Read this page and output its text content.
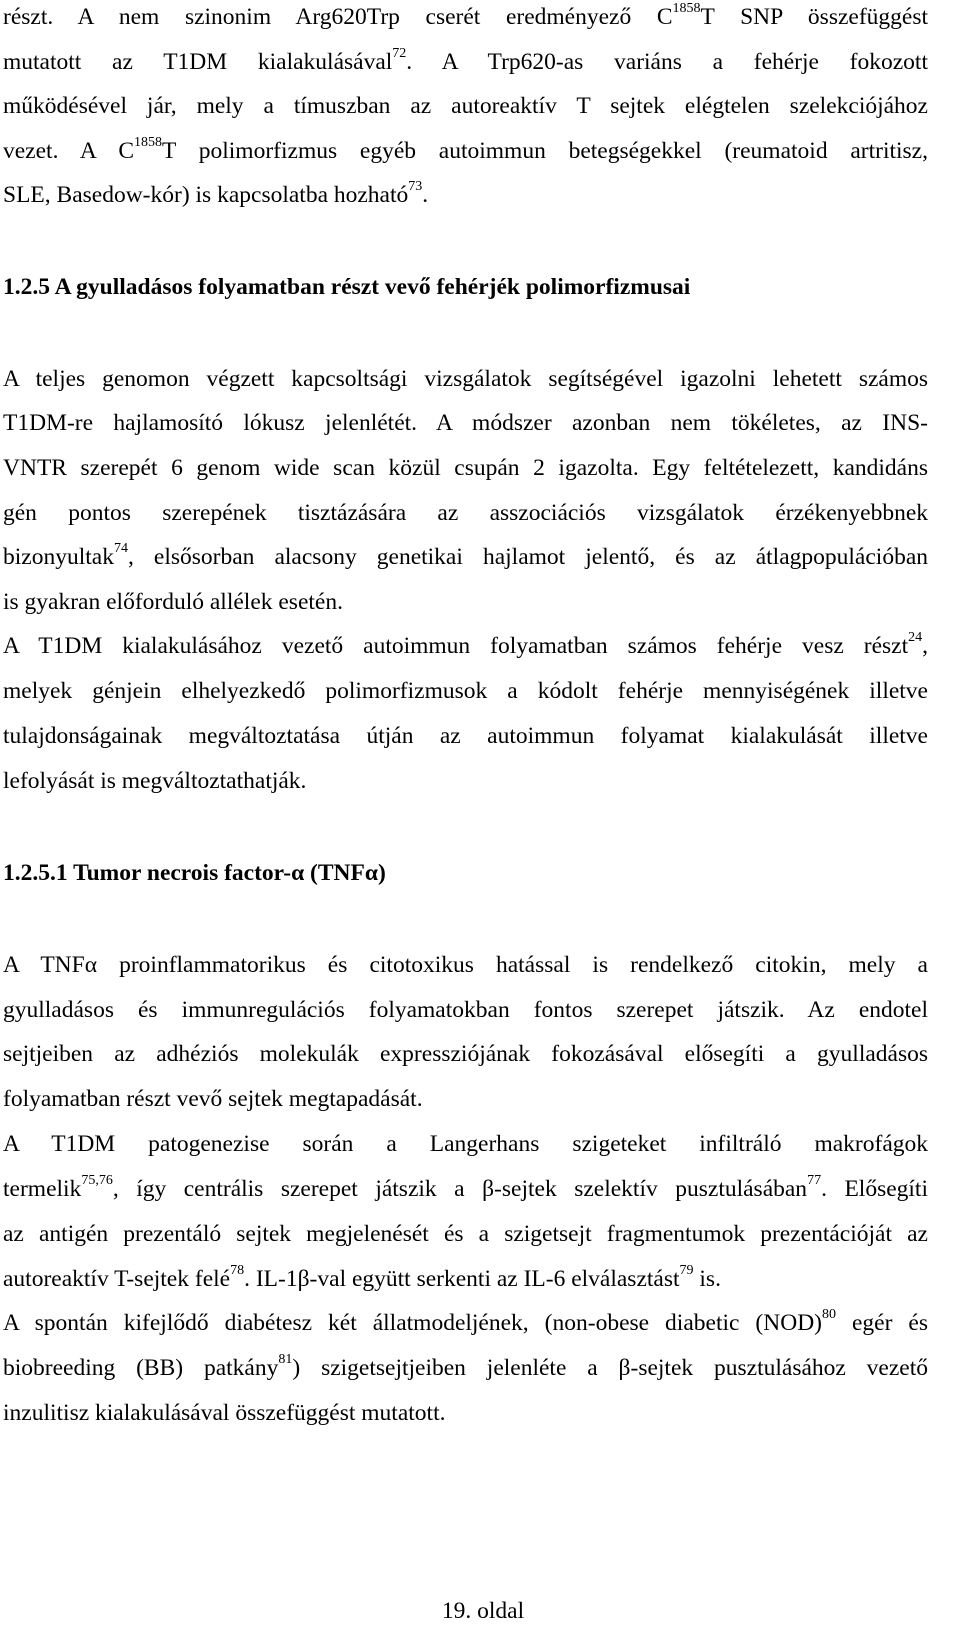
részt. A nem szinonim Arg620Trp cserét eredményező $C^{1858}T$ SNP összefüggést
mutatott az T1DM kialakulásával$^{72}$. A Trp620-as variáns a fehérje fokozott
működésével jár, mely a tímuszban az autoreaktív T sejtek elégtelen szelekciójához
vezet. A $C^{1858}T$ polimorfizmus egyéb autoimmun betegségekkel (reumatoid artritisz,
SLE, Basedow-kór) is kapcsolatba hozható$^{73}$.
1.2.5 A gyulladásos folyamatban részt vevő fehérjék polimorfizmusai
A teljes genomon végzett kapcsoltsági vizsgálatok segítségével igazolni lehetett számos
T1DM-re hajlamosító lókusz jelenlétét. A módszer azonban nem tökéletes, az INS-
VNTR szerepét 6 genom wide scan közül csupán 2 igazolta. Egy feltételezett, kandidáns
gén pontos szerepének tisztázására az asszociációs vizsgálatok érzékenyebbnek
bizonyultak$^{74}$, elsősorban alacsony genetikai hajlamot jelentő, és az átlagpopulációban
is gyakran előforduló allélek esetén.
A T1DM kialakulásához vezető autoimmun folyamatban számos fehérje vesz részt$^{24}$,
melyek génjein elhelyezkedő polimorfizmusok a kódolt fehérje mennyiségének illetve
tulajdonságainak megváltoztatása útján az autoimmun folyamat kialakulását illetve
lefolyását is megváltoztathatják.
1.2.5.1 Tumor necrois factor-α (TNFα)
A TNFα proinflammatorikus és citotoxikus hatással is rendelkező citokin, mely a
gyulladásos és immunregulációs folyamatokban fontos szerepet játszik. Az endotel
sejtjeiben az adhéziós molekulák expressziójának fokozásával elősegíti a gyulladásos
folyamatban részt vevő sejtek megtapadását.
A T1DM patogenezise során a Langerhans szigeteket infiltráló makrofágok
termelik$^{75,76}$, így centrális szerepet játszik a β-sejtek szelektív pusztulásában$^{77}$. Elősegíti
az antigén prezentáló sejtek megjelenését és a szigetsejt fragmentumok prezentációját az
autoreaktív T-sejtek felé$^{78}$. IL-1β-val együtt serkenti az IL-6 elválasztást$^{79}$ is.
A spontán kifejlődő diabétesz két állatmodeljének, (non-obese diabetic (NOD)$^{80}$ egér és
biobreeding (BB) patkány$^{81}$) szigetsejtjeiben jelenléte a β-sejtek pusztulásához vezető
inzulitisz kialakulásával összefüggést mutatott.
19. oldal
